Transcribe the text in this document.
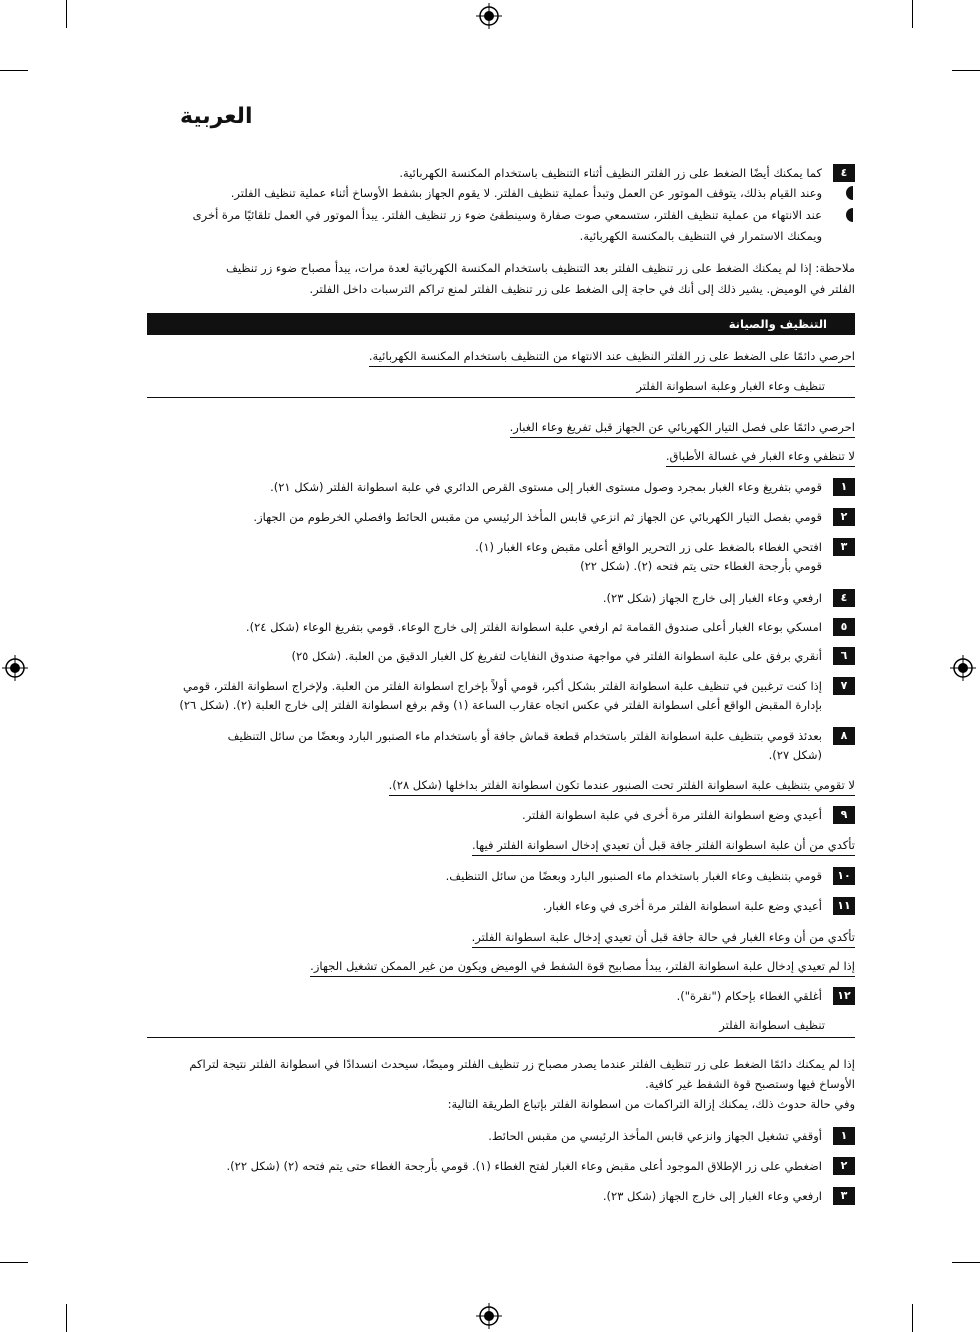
العربية
٤
كما يمكنك أيضًا الضغط على زر الفلتر النظيف أثناء التنظيف باستخدام المكنسة الكهربائية.
وعند القيام بذلك، يتوقف الموتور عن العمل وتبدأ عملية تنظيف الفلتر. لا يقوم الجهاز بشفط الأوساخ أثناء عملية تنظيف الفلتر.
عند الانتهاء من عملية تنظيف الفلتر، ستسمعي صوت صفارة وسينطفئ ضوء زر تنظيف الفلتر. يبدأ الموتور في العمل تلقائيًا مرة أخرى
ويمكنك الاستمرار في التنظيف بالمكنسة الكهربائية.
ملاحظة: إذا لم يمكنك الضغط على زر تنظيف الفلتر بعد التنظيف باستخدام المكنسة الكهربائية لعدة مرات، يبدأ مصباح ضوء زر تنظيف
الفلتر في الوميض. يشير ذلك إلى أنك في حاجة إلى الضغط على زر تنظيف الفلتر لمنع تراكم الترسبات داخل الفلتر.
التنظيف والصيانة
احرصي دائمًا على الضغط على زر الفلتر النظيف عند الانتهاء من التنظيف باستخدام المكنسة الكهربائية.
تنظيف وعاء الغبار وعلبة اسطوانة الفلتر
احرصي دائمًا على فصل التيار الكهربائي عن الجهاز قبل تفريغ وعاء الغبار.
لا تنظفي وعاء الغبار في غسالة الأطباق.
١
قومي بتفريغ وعاء الغبار بمجرد وصول مستوى الغبار إلى مستوى القرص الدائري في علبة اسطوانة الفلتر (شكل ٢١).
٢
قومي بفصل التيار الكهربائي عن الجهاز ثم انزعي قابس المأخذ الرئيسي من مقبس الحائط وافصلي الخرطوم من الجهاز.
٣
افتحي الغطاء بالضغط على زر التحرير الواقع أعلى مقبض وعاء الغبار (١).
قومي بأرجحة الغطاء حتى يتم فتحه (٢). (شكل ٢٢)
٤
ارفعي وعاء الغبار إلى خارج الجهاز (شكل ٢٣).
٥
امسكي بوعاء الغبار أعلى صندوق القمامة ثم ارفعي علبة اسطوانة الفلتر إلى خارج الوعاء. قومي بتفريغ الوعاء (شكل ٢٤).
٦
أنقري برفق على علبة اسطوانة الفلتر في مواجهة صندوق النفايات لتفريغ كل الغبار الدقيق من العلبة. (شكل ٢٥)
٧
إذا كنت ترغبين في تنظيف علبة اسطوانة الفلتر بشكل أكبر، قومي أولاً بإخراج اسطوانة الفلتر من العلبة. ولإخراج اسطوانة الفلتر، قومي
بإدارة المقبض الواقع أعلى اسطوانة الفلتر في عكس اتجاه عقارب الساعة (١) وقم برفع اسطوانة الفلتر إلى خارج العلبة (٢). (شكل ٢٦)
٨
بعدئذ قومي بتنظيف علبة اسطوانة الفلتر باستخدام قطعة قماش جافة أو باستخدام ماء الصنبور البارد وبعضًا من سائل التنظيف
(شكل ٢٧).
لا تقومي بتنظيف علبة اسطوانة الفلتر تحت الصنبور عندما تكون اسطوانة الفلتر بداخلها (شكل ٢٨).
٩
أعيدي وضع اسطوانة الفلتر مرة أخرى في علبة اسطوانة الفلتر.
تأكدي من أن علبة اسطوانة الفلتر جافة قبل أن تعيدي إدخال اسطوانة الفلتر فيها.
١٠
قومي بتنظيف وعاء الغبار باستخدام ماء الصنبور البارد وبعضًا من سائل التنظيف.
١١
أعيدي وضع علبة اسطوانة الفلتر مرة أخرى في وعاء الغبار.
تأكدي من أن وعاء الغبار في حالة جافة قبل أن تعيدي إدخال علبة اسطوانة الفلتر.
إذا لم تعيدي إدخال علبة اسطوانة الفلتر، يبدأ مصابيح قوة الشفط في الوميض ويكون من غير الممكن تشغيل الجهاز.
١٢
أغلقي الغطاء بإحكام ("نقرة").
تنظيف اسطوانة الفلتر
إذا لم يمكنك دائمًا الضغط على زر تنظيف الفلتر عندما يصدر مصباح زر تنظيف الفلتر وميضًا، سيحدث انسدادًا في اسطوانة الفلتر نتيجة لتراكم
الأوساخ فيها وستصبح قوة الشفط غير كافية.
وفي حالة حدوث ذلك، يمكنك إزالة التراكمات من اسطوانة الفلتر بإتباع الطريقة التالية:
١
أوقفي تشغيل الجهاز وانزعي قابس المأخذ الرئيسي من مقبس الحائط.
٢
اضغطي على زر الإطلاق الموجود أعلى مقبض وعاء الغبار لفتح الغطاء (١). قومي بأرجحة الغطاء حتى يتم فتحه (٢) (شكل ٢٢).
٣
ارفعي وعاء الغبار إلى خارج الجهاز (شكل ٢٣).
